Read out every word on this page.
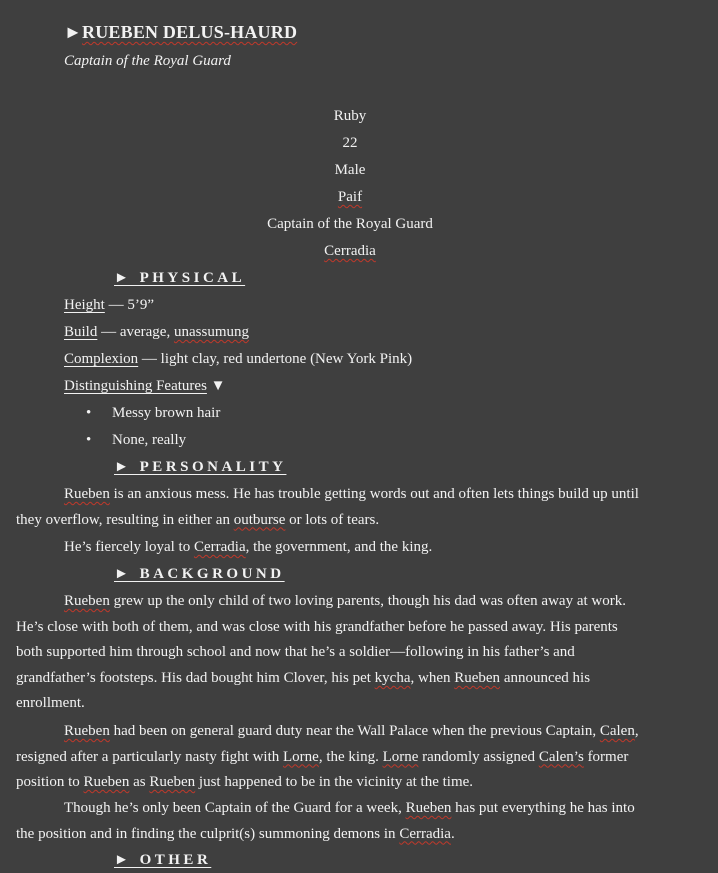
►RUEBEN DELUS-HAURD
Captain of the Royal Guard
Ruby
22
Male
Paif
Captain of the Royal Guard
Cerradia
► PHYSICAL
Height — 5’9”
Build — average, unassumung
Complexion — light clay, red undertone (New York Pink)
Distinguishing Features ▼
• Messy brown hair
• None, really
► PERSONALITY
Rueben is an anxious mess. He has trouble getting words out and often lets things build up until they overflow, resulting in either an outburse or lots of tears.
He’s fiercely loyal to Cerradia, the government, and the king.
► BACKGROUND
Rueben grew up the only child of two loving parents, though his dad was often away at work. He’s close with both of them, and was close with his grandfather before he passed away. His parents both supported him through school and now that he’s a soldier—following in his father’s and grandfather’s footsteps. His dad bought him Clover, his pet kycha, when Rueben announced his enrollment.
Rueben had been on general guard duty near the Wall Palace when the previous Captain, Calen, resigned after a particularly nasty fight with Lorne, the king. Lorne randomly assigned Calen’s former position to Rueben as Rueben just happened to be in the vicinity at the time.
Though he’s only been Captain of the Guard for a week, Rueben has put everything he has into the position and in finding the culprit(s) summoning demons in Cerradia.
► OTHER
